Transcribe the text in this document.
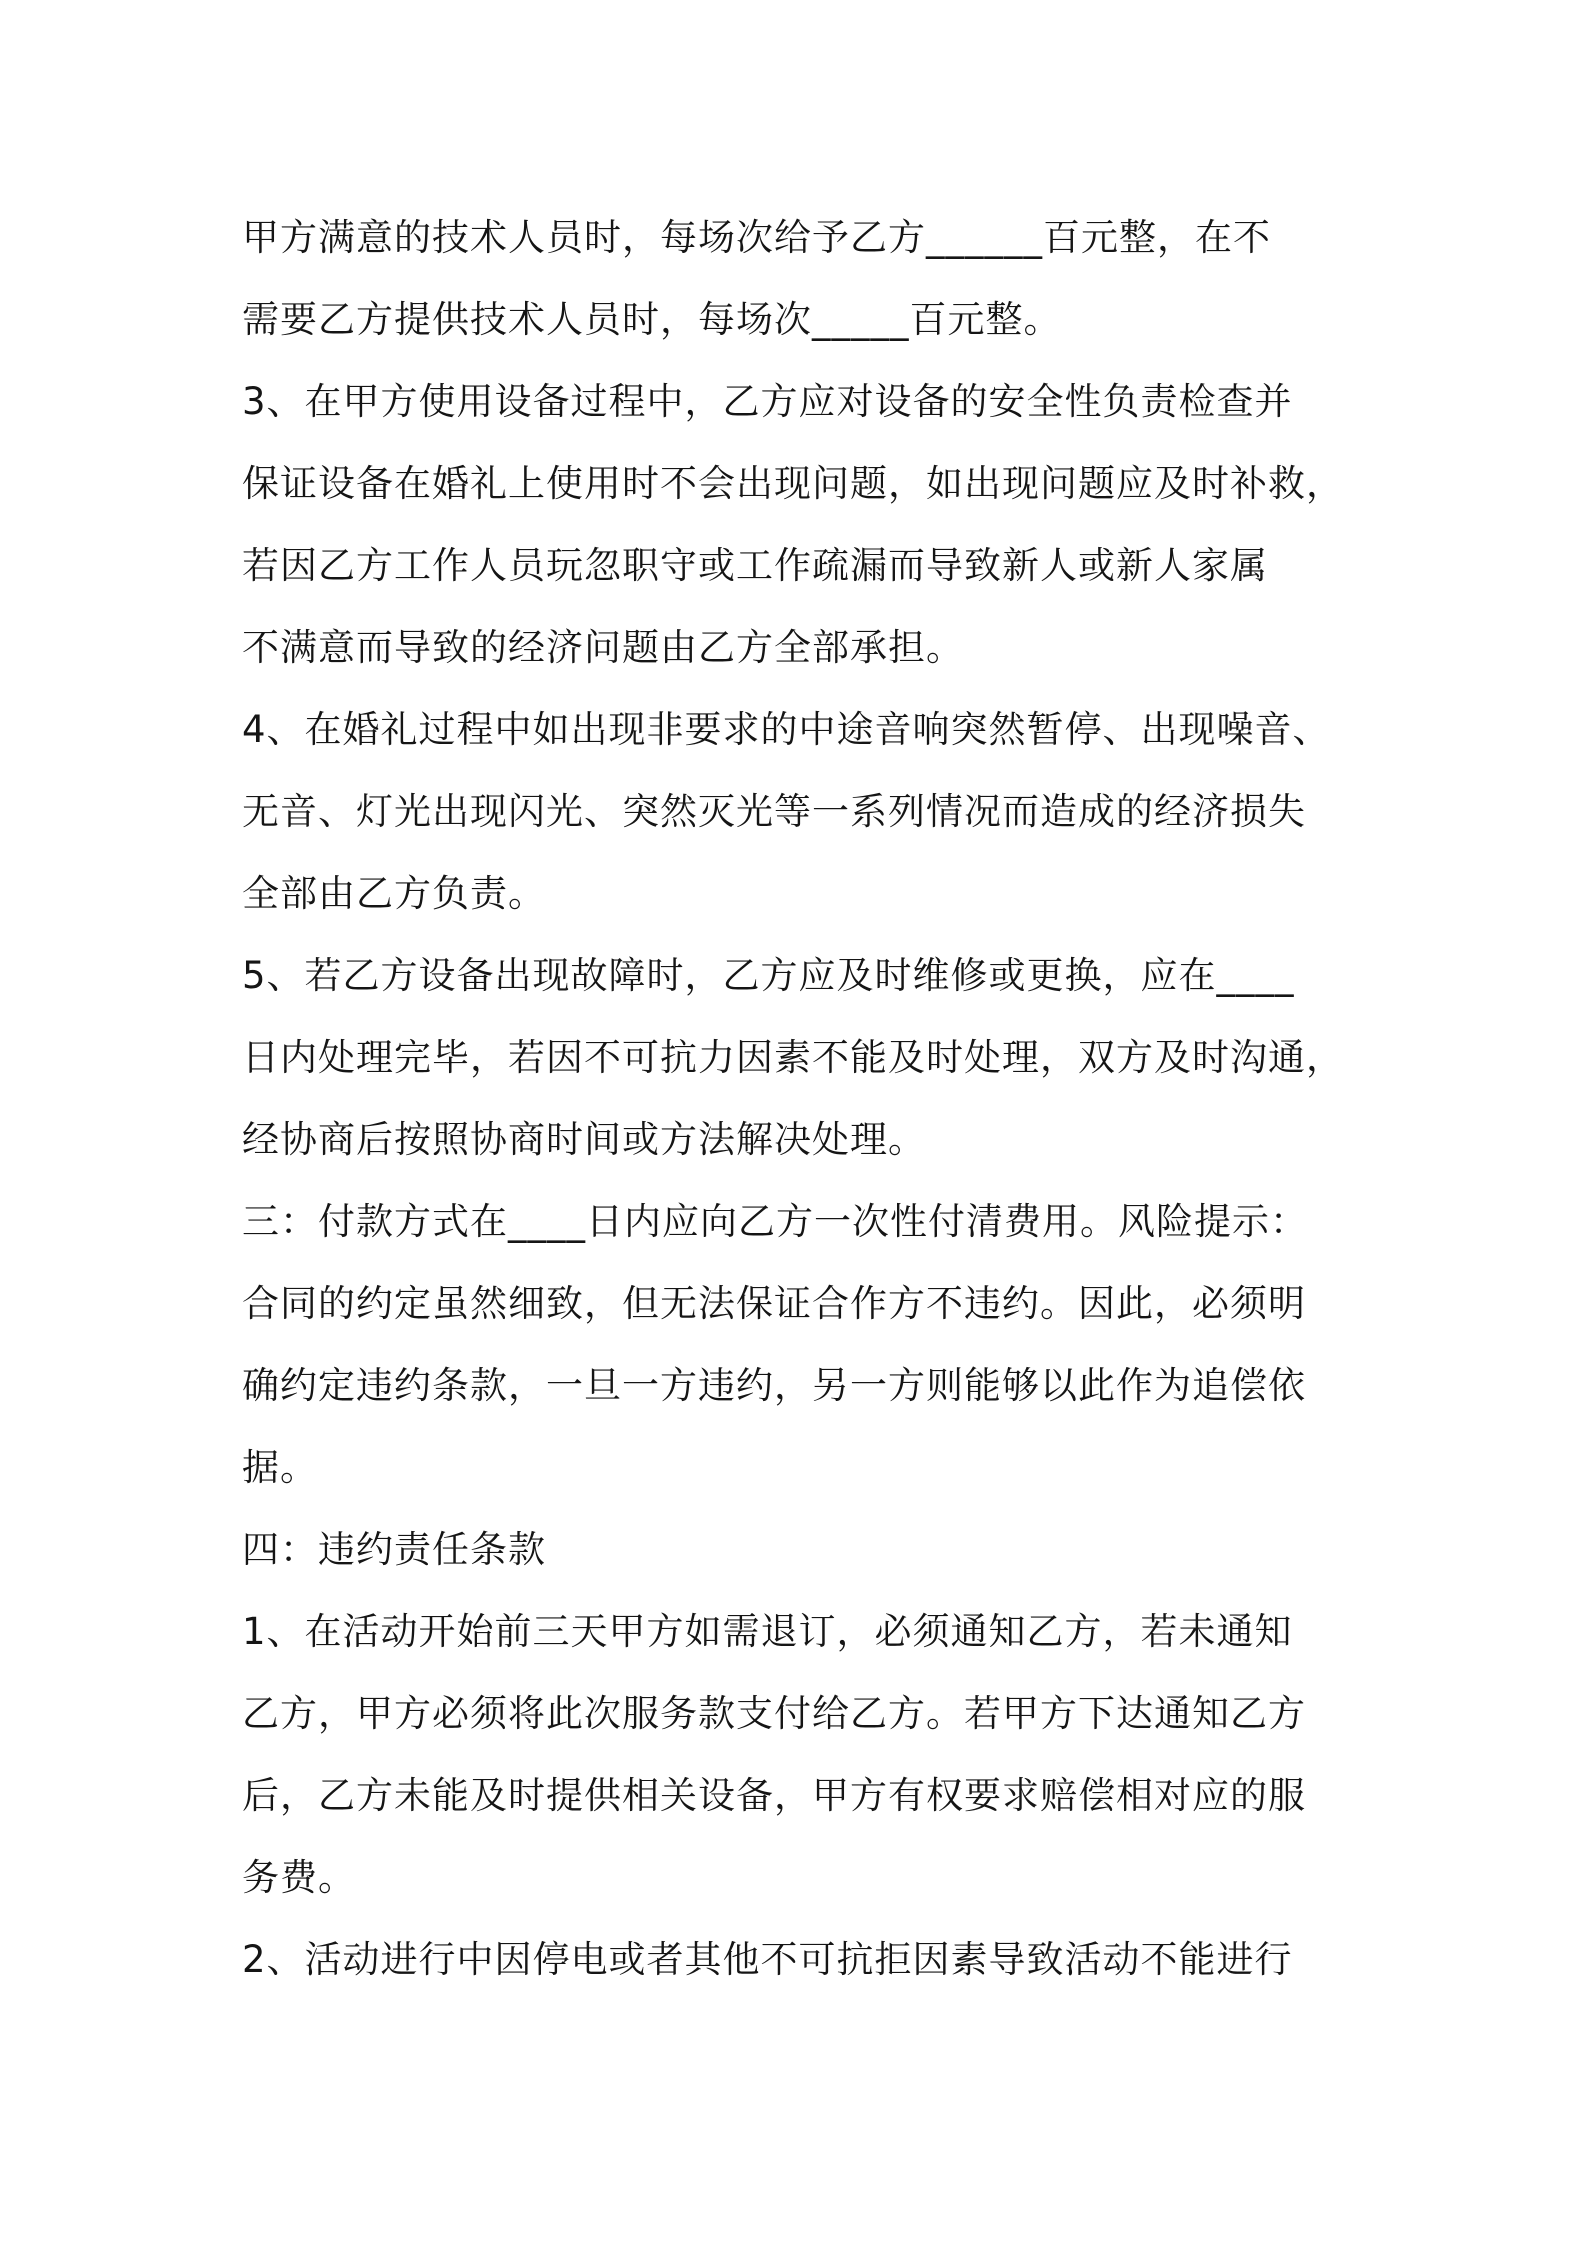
甲方满意的技术人员时，每场次给予乙方______百元整，在不
需要乙方提供技术人员时，每场次_____百元整。
3、在甲方使用设备过程中，乙方应对设备的安全性负责检查并
保证设备在婚礼上使用时不会出现问题，如出现问题应及时补救，
若因乙方工作人员玩忽职守或工作疏漏而导致新人或新人家属
不满意而导致的经济问题由乙方全部承担。
4、在婚礼过程中如出现非要求的中途音响突然暂停、出现噪音、
无音、灯光出现闪光、突然灭光等一系列情况而造成的经济损失
全部由乙方负责。
5、若乙方设备出现故障时，乙方应及时维修或更换，应在____
日内处理完毕，若因不可抗力因素不能及时处理，双方及时沟通，
经协商后按照协商时间或方法解决处理。
三：付款方式在____日内应向乙方一次性付清费用。风险提示：
合同的约定虽然细致，但无法保证合作方不违约。因此，必须明
确约定违约条款，一旦一方违约，另一方则能够以此作为追偿依
据。
四：违约责任条款
1、在活动开始前三天甲方如需退订，必须通知乙方，若未通知
乙方，甲方必须将此次服务款支付给乙方。若甲方下达通知乙方
后，乙方未能及时提供相关设备，甲方有权要求赔偿相对应的服
务费。
2、活动进行中因停电或者其他不可抗拒因素导致活动不能进行
